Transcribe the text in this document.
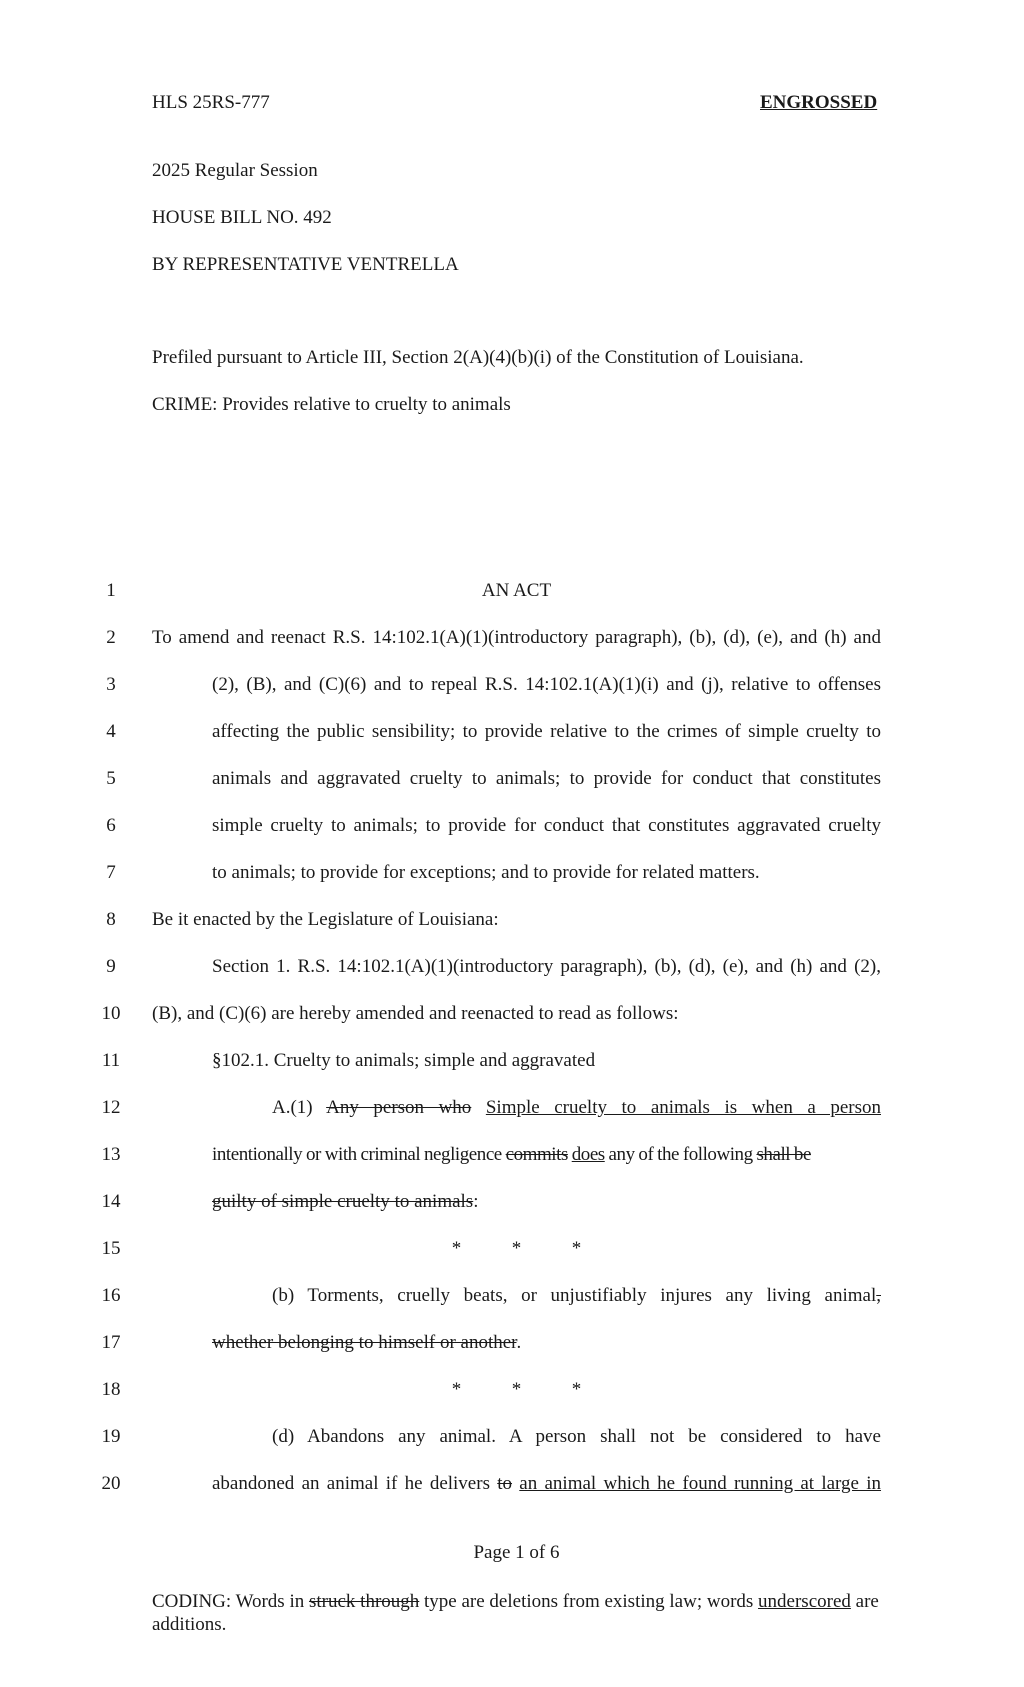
HLS 25RS-777	ENGROSSED
2025 Regular Session
HOUSE BILL NO. 492
BY REPRESENTATIVE VENTRELLA
Prefiled pursuant to Article III, Section 2(A)(4)(b)(i) of the Constitution of Louisiana.
CRIME: Provides relative to cruelty to animals
1
2
3
4
5
6
7
8
9
10
11
12
13
14
15
16
17
18
19
20
AN ACT
To amend and reenact R.S. 14:102.1(A)(1)(introductory paragraph), (b), (d), (e), and (h) and
(2), (B), and (C)(6) and to repeal R.S. 14:102.1(A)(1)(i) and (j), relative to offenses
affecting the public sensibility; to provide relative to the crimes of simple cruelty to
animals and aggravated cruelty to animals; to provide for conduct that constitutes
simple cruelty to animals; to provide for conduct that constitutes aggravated cruelty
to animals; to provide for exceptions; and to provide for related matters.
Be it enacted by the Legislature of Louisiana:
Section 1. R.S. 14:102.1(A)(1)(introductory paragraph), (b), (d), (e), and (h) and (2),
(B), and (C)(6) are hereby amended and reenacted to read as follows:
§102.1. Cruelty to animals; simple and aggravated
A.(1) Any person who Simple cruelty to animals is when a person
intentionally or with criminal negligence commits does any of the following shall be
guilty of simple cruelty to animals:
*	*	*
(b) Torments, cruelly beats, or unjustifiably injures any living animal,
whether belonging to himself or another.
*	*	*
(d) Abandons any animal. A person shall not be considered to have
abandoned an animal if he delivers to an animal which he found running at large in
Page 1 of 6
CODING: Words in struck through type are deletions from existing law; words underscored are additions.
